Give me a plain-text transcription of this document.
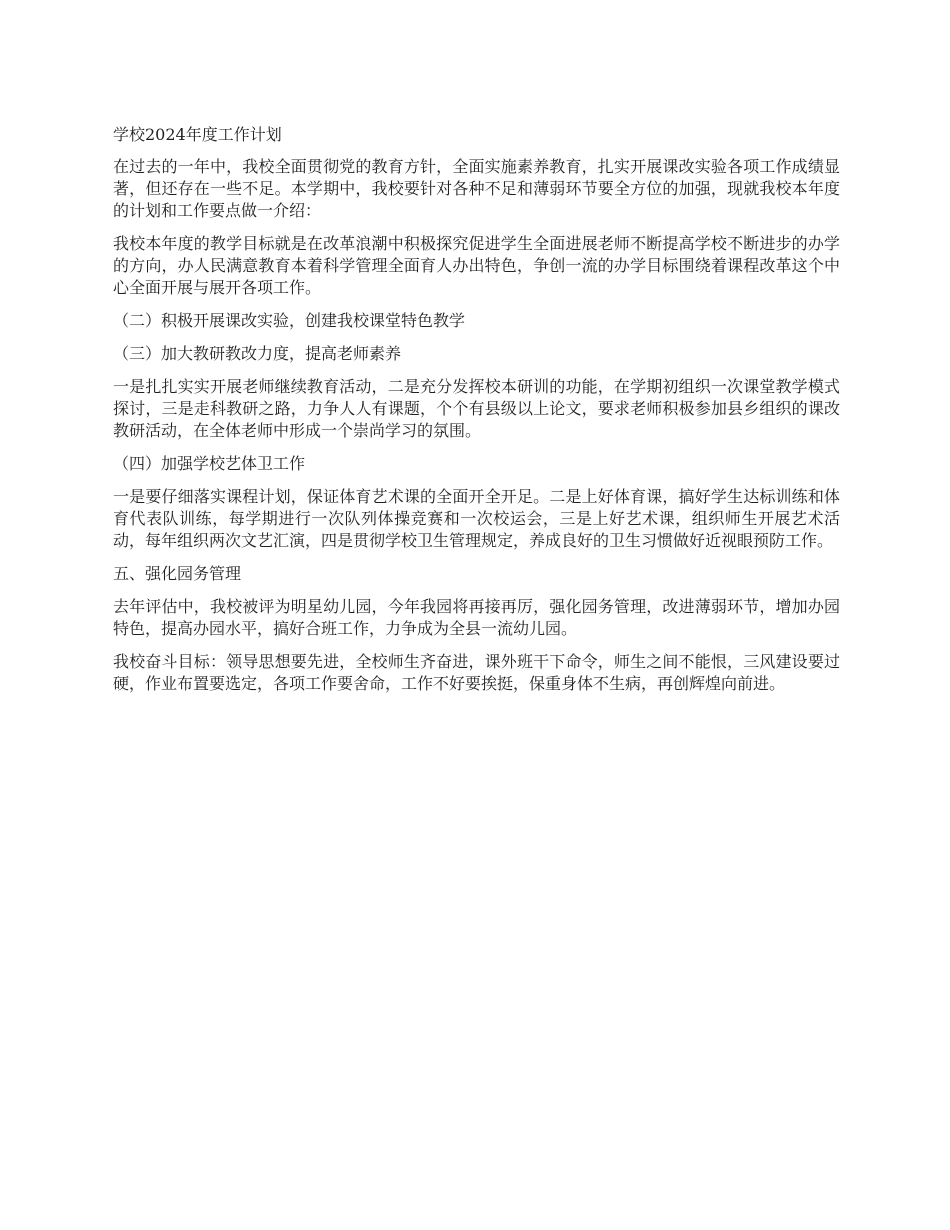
学校2024年度工作计划

在过去的一年中，我校全面贯彻党的教育方针，全面实施素养教育，扎实开展课改实验各项工作成绩显著，但还存在一些不足。本学期中，我校要针对各种不足和薄弱环节要全方位的加强，现就我校本年度的计划和工作要点做一介绍：

我校本年度的教学目标就是在改革浪潮中积极探究促进学生全面进展老师不断提高学校不断进步的办学的方向，办人民满意教育本着科学管理全面育人办出特色，争创一流的办学目标围绕着课程改革这个中心全面开展与展开各项工作。

（二）积极开展课改实验，创建我校课堂特色教学

（三）加大教研教改力度，提高老师素养

一是扎扎实实开展老师继续教育活动，二是充分发挥校本研训的功能，在学期初组织一次课堂教学模式探讨，三是走科教研之路，力争人人有课题，个个有县级以上论文，要求老师积极参加县乡组织的课改教研活动，在全体老师中形成一个崇尚学习的氛围。

（四）加强学校艺体卫工作

一是要仔细落实课程计划，保证体育艺术课的全面开全开足。二是上好体育课，搞好学生达标训练和体育代表队训练，每学期进行一次队列体操竞赛和一次校运会，三是上好艺术课，组织师生开展艺术活动，每年组织两次文艺汇演，四是贯彻学校卫生管理规定，养成良好的卫生习惯做好近视眼预防工作。

五、强化园务管理

去年评估中，我校被评为明星幼儿园，今年我园将再接再厉，强化园务管理，改进薄弱环节，增加办园特色，提高办园水平，搞好合班工作，力争成为全县一流幼儿园。

我校奋斗目标：领导思想要先进，全校师生齐奋进，课外班干下命令，师生之间不能恨，三风建设要过硬，作业布置要选定，各项工作要舍命，工作不好要挨挺，保重身体不生病，再创辉煌向前进。
